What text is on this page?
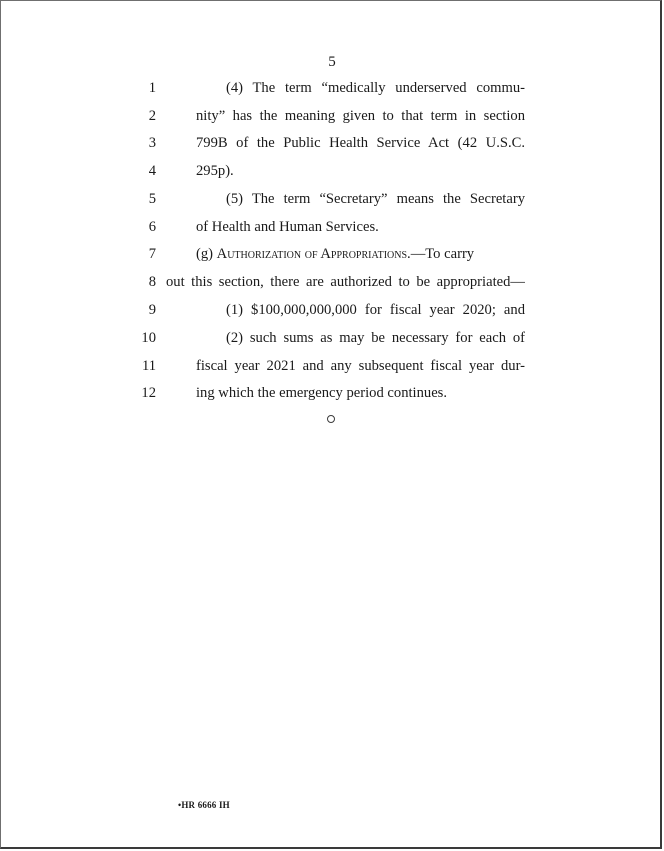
5
1	(4) The term “medically underserved commu-
2	nity” has the meaning given to that term in section
3	799B of the Public Health Service Act (42 U.S.C.
4	295p).
5	(5) The term “Secretary” means the Secretary
6	of Health and Human Services.
7	(g) Authorization of Appropriations.—To carry
8 out this section, there are authorized to be appropriated—
9	(1) $100,000,000,000 for fiscal year 2020; and
10	(2) such sums as may be necessary for each of
11	fiscal year 2021 and any subsequent fiscal year dur-
12	ing which the emergency period continues.
•HR 6666 IH
